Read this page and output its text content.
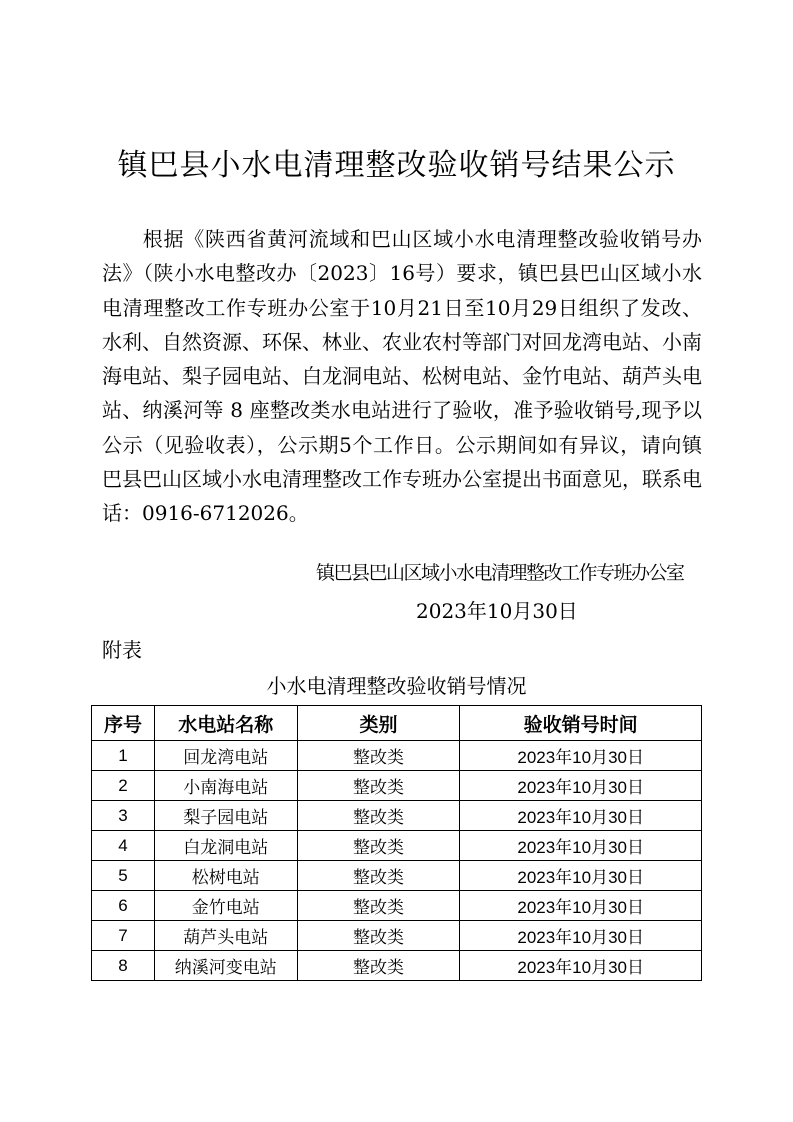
镇巴县小水电清理整改验收销号结果公示

根据《陕西省黄河流域和巴山区域小水电清理整改验收销号办法》（陕小水电整改办〔2023〕16号）要求，镇巴县巴山区域小水电清理整改工作专班办公室于10月21日至10月29日组织了发改、水利、自然资源、环保、林业、农业农村等部门对回龙湾电站、小南海电站、梨子园电站、白龙洞电站、松树电站、金竹电站、葫芦头电站、纳溪河等 8 座整改类水电站进行了验收，准予验收销号,现予以公示（见验收表），公示期5个工作日。公示期间如有异议，请向镇巴县巴山区域小水电清理整改工作专班办公室提出书面意见，联系电话：0916-6712026。

镇巴县巴山区域小水电清理整改工作专班办公室

2023年10月30日

附表

小水电清理整改验收销号情况

序号	水电站名称	类别	验收销号时间
1	回龙湾电站	整改类	2023年10月30日
2	小南海电站	整改类	2023年10月30日
3	梨子园电站	整改类	2023年10月30日
4	白龙洞电站	整改类	2023年10月30日
5	松树电站	整改类	2023年10月30日
6	金竹电站	整改类	2023年10月30日
7	葫芦头电站	整改类	2023年10月30日
8	纳溪河变电站	整改类	2023年10月30日
